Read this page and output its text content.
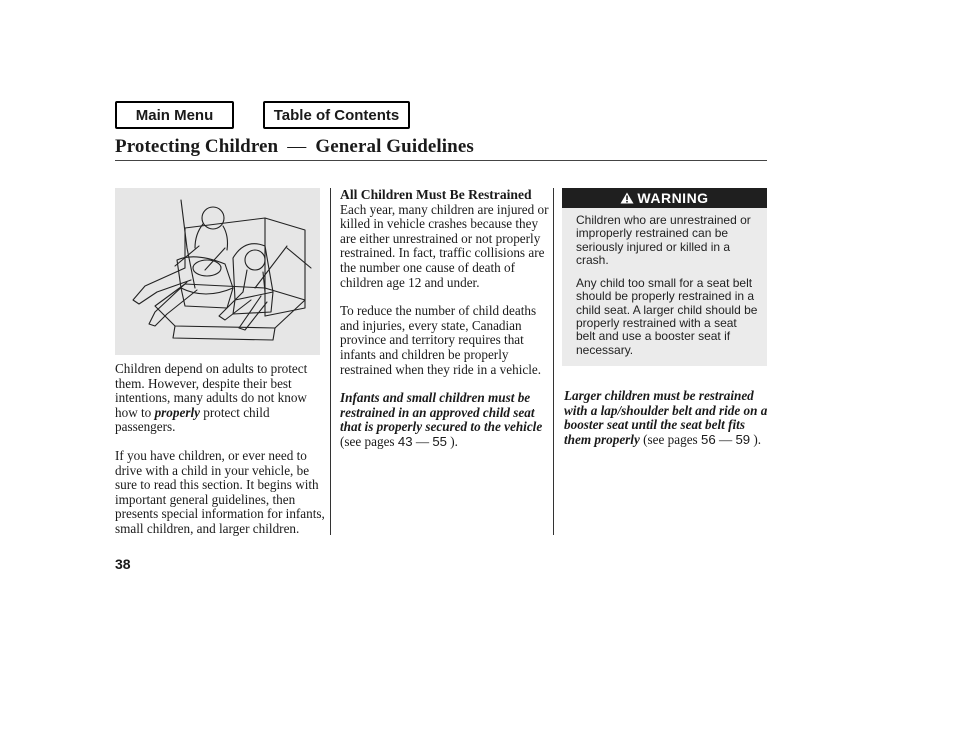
Main Menu	Table of Contents
Protecting Children — General Guidelines

Children depend on adults to protect them. However, despite their best intentions, many adults do not know how to properly protect child passengers.

If you have children, or ever need to drive with a child in your vehicle, be sure to read this section. It begins with important general guidelines, then presents special information for infants, small children, and larger children.

All Children Must Be Restrained

Each year, many children are injured or killed in vehicle crashes because they are either unrestrained or not properly restrained. In fact, traffic collisions are the number one cause of death of children age 12 and under.

To reduce the number of child deaths and injuries, every state, Canadian province and territory requires that infants and children be properly restrained when they ride in a vehicle.

Infants and small children must be restrained in an approved child seat that is properly secured to the vehicle (see pages 43 — 55 ).

WARNING

Children who are unrestrained or improperly restrained can be seriously injured or killed in a crash.

Any child too small for a seat belt should be properly restrained in a child seat. A larger child should be properly restrained with a seat belt and use a booster seat if necessary.

Larger children must be restrained with a lap/shoulder belt and ride on a booster seat until the seat belt fits them properly (see pages 56 — 59 ).

38
